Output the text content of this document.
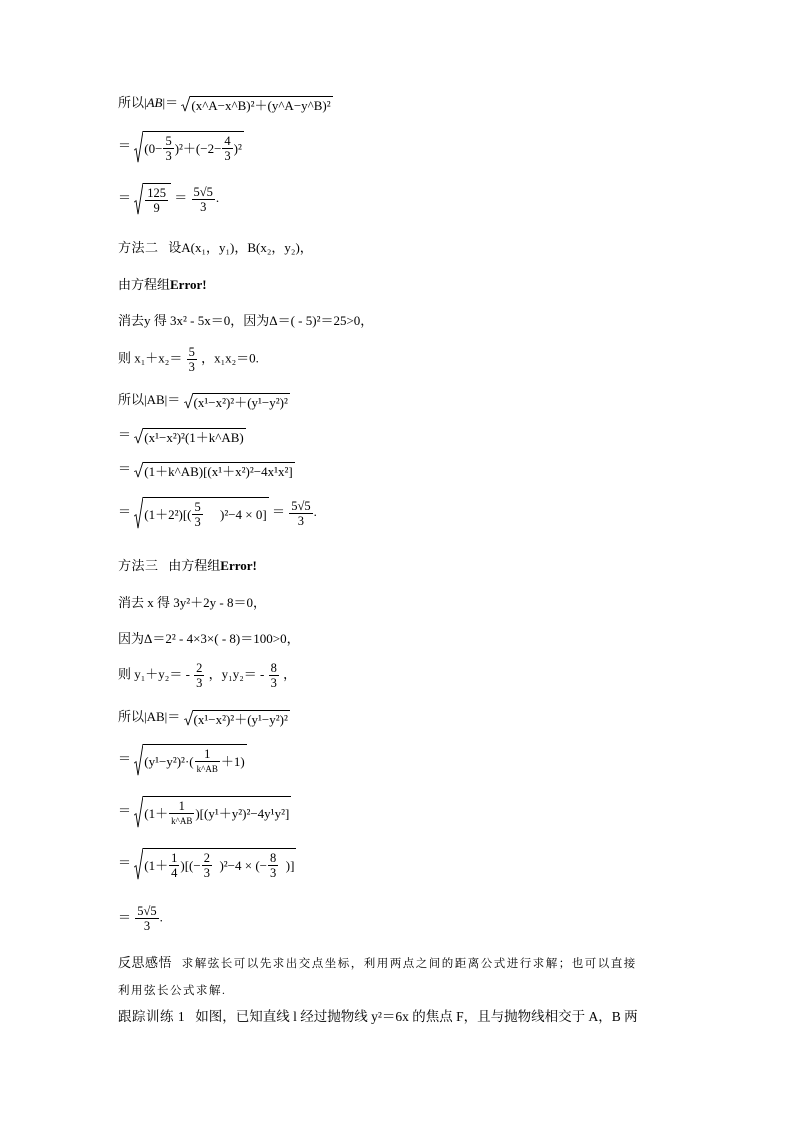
所以|AB|＝ (x^A−x^B)²＋(y^A−y^B)²
＝ $(0- \frac{5}{3} )^2+(-2- \frac{4}{3} )^2$
＝ $\frac{125}{9} = \frac{5√5}{3}$ .
方法二 设A(x₁，y₁)，B(x₂，y₂)，
由方程组Error!
消去y 得 3x² - 5x＝0，因为Δ＝( - 5)²＝25>0，
则 $x_1+x_2= \frac{5}{3}$ ，x₁x₂＝0.
所以|AB|＝ (x¹−x²)²＋(y¹−y²)²
＝ (x¹−x²)²(1＋k^AB)
＝ (1＋k^AB)[(x¹＋x²)²−4x¹x²]
＝ $(1+2^2)[( \frac{5}{3}$
)$^2-4 \times 0] = \frac{5√5}{3}$ .
方法三 由方程组Error!
消去 x 得 3y²＋2y - 8＝0，
因为Δ＝2² - 4×3×( - 8)＝100>0，
则 $y_1+y_2= - \frac{2}{3}$ ，$y_1y_2= - \frac{8}{3}$ ，
所以|AB|＝ (x¹−x²)²＋(y¹−y²)²
＝ $(y^1-y^2)^2\cdot( \frac{1}{k\^{}AB} +1)$
＝ $(1+ \frac{1}{k\^{}AB} )[(y^1+y^2)^2-4y^1y^2]$
＝ ($1+ \frac{1}{4}$ )[(− $\frac{2}{3}$
)²−4 × (− $\frac{8}{3}$
)]
＝ $\frac{5√5}{3}$ .
反思感悟 求解弦长可以先求出交点坐标，利用两点之间的距离公式进行求解；也可以直接
利用弦长公式求解.
跟踪训练 1 如图，已知直线 l 经过抛物线 y²＝6x 的焦点 F，且与抛物线相交于 A，B 两
